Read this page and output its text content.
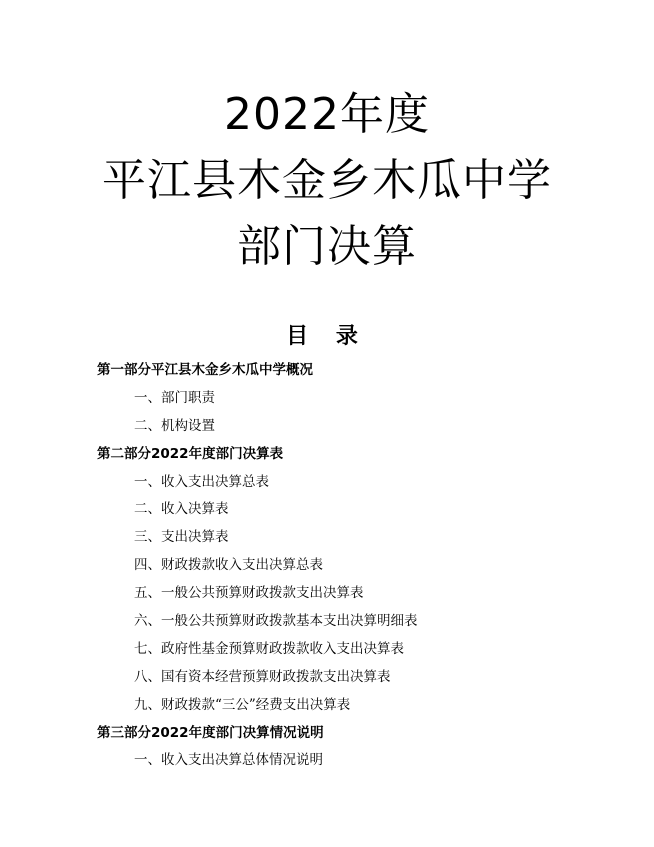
2022年度
平江县木金乡木瓜中学
部门决算
目 录
第一部分平江县木金乡木瓜中学概况
一、部门职责
二、机构设置
第二部分2022年度部门决算表
一、收入支出决算总表
二、收入决算表
三、支出决算表
四、财政拨款收入支出决算总表
五、一般公共预算财政拨款支出决算表
六、一般公共预算财政拨款基本支出决算明细表
七、政府性基金预算财政拨款收入支出决算表
八、国有资本经营预算财政拨款支出决算表
九、财政拨款“三公”经费支出决算表
第三部分2022年度部门决算情况说明
一、收入支出决算总体情况说明
